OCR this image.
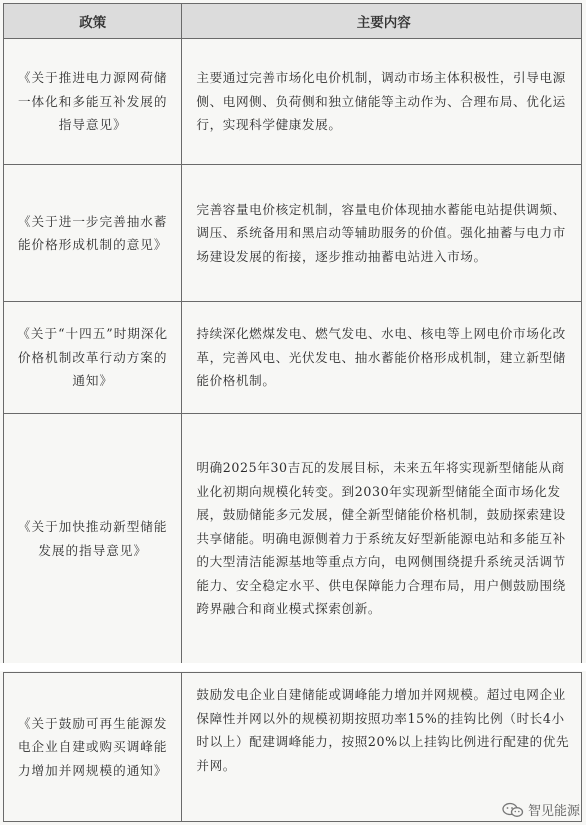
政策	主要内容
《关于推进电力源网荷储一体化和多能互补发展的指导意见》
主要通过完善市场化电价机制，调动市场主体积极性，引导电源侧、电网侧、负荷侧和独立储能等主动作为、合理布局、优化运行，实现科学健康发展。
《关于进一步完善抽水蓄能价格形成机制的意见》
完善容量电价核定机制，容量电价体现抽水蓄能电站提供调频、调压、系统备用和黑启动等辅助服务的价值。强化抽蓄与电力市场建设发展的衔接，逐步推动抽蓄电站进入市场。
《关于“十四五”时期深化价格机制改革行动方案的通知》
持续深化燃煤发电、燃气发电、水电、核电等上网电价市场化改革，完善风电、光伏发电、抽水蓄能价格形成机制，建立新型储能价格机制。
《关于加快推动新型储能发展的指导意见》
明确2025年30吉瓦的发展目标，未来五年将实现新型储能从商业化初期向规模化转变。到2030年实现新型储能全面市场化发展，鼓励储能多元发展，健全新型储能价格机制，鼓励探索建设共享储能。明确电源侧着力于系统友好型新能源电站和多能互补的大型清洁能源基地等重点方向，电网侧围绕提升系统灵活调节能力、安全稳定水平、供电保障能力合理布局，用户侧鼓励围绕跨界融合和商业模式探索创新。
《关于鼓励可再生能源发电企业自建或购买调峰能力增加并网规模的通知》
鼓励发电企业自建储能或调峰能力增加并网规模。超过电网企业保障性并网以外的规模初期按照功率15%的挂钩比例（时长4小时以上）配建调峰能力，按照20%以上挂钩比例进行配建的优先并网。
智见能源
